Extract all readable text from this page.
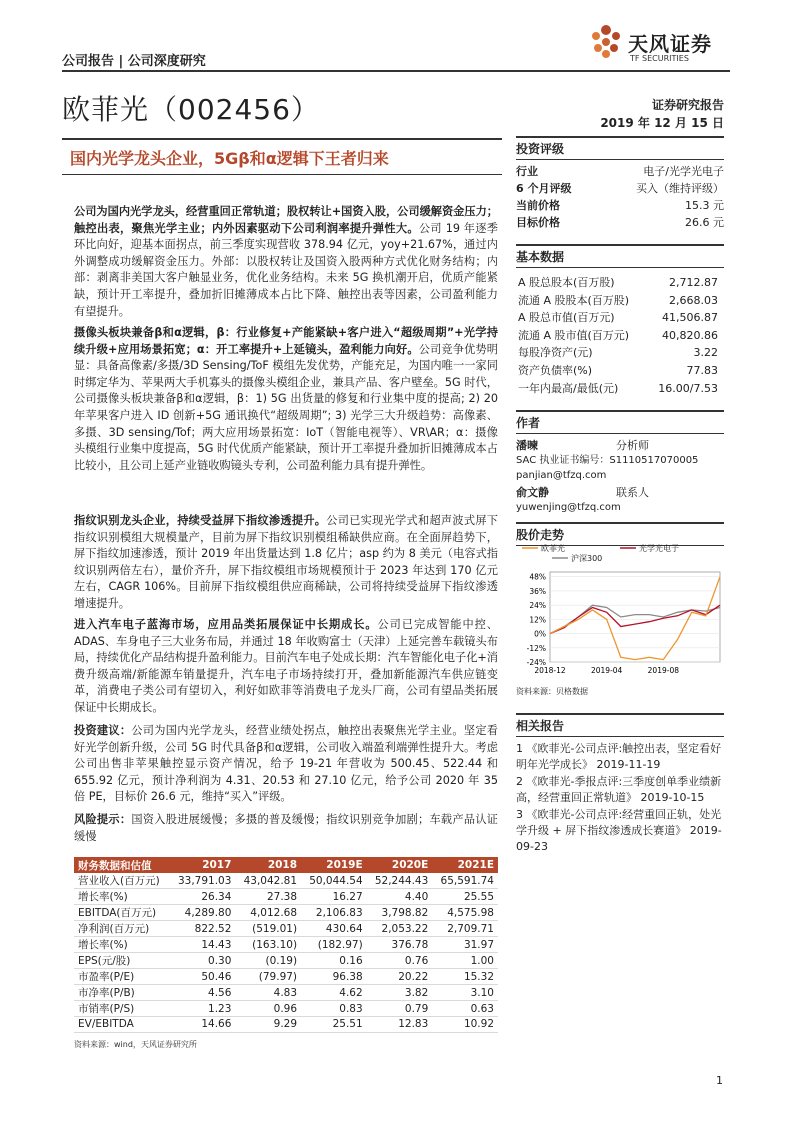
公司报告 | 公司深度研究
天风证券
TF SECURITIES
欧菲光（002456）	证券研究报告
2019 年 12 月 15 日
国内光学龙头企业，5Gβ和α逻辑下王者归来
公司为国内光学龙头，经营重回正常轨道；股权转让+国资入股，公司缓解资金压力；触控出表，聚焦光学主业；内外因素驱动下公司利润率提升弹性大。公司 19 年逐季环比向好，迎基本面拐点，前三季度实现营收 378.94 亿元，yoy+21.67%，通过内外调整成功缓解资金压力。外部：以股权转让及国资入股两种方式优化财务结构；内部：剥离非美国大客户触显业务，优化业务结构。未来 5G 换机潮开启，优质产能紧缺，预计开工率提升，叠加折旧摊薄成本占比下降、触控出表等因素，公司盈利能力有望提升。
摄像头板块兼备β和α逻辑，β：行业修复+产能紧缺+客户进入“超级周期”+光学持续升级+应用场景拓宽；α：开工率提升+上延镜头，盈利能力向好。公司竞争优势明显：具备高像素/多摄/3D Sensing/ToF 模组先发优势，产能充足，为国内唯一一家同时绑定华为、苹果两大手机寡头的摄像头模组企业，兼具产品、客户壁垒。5G 时代，公司摄像头板块兼备β和α逻辑，β：1) 5G 出货量的修复和行业集中度的提高; 2) 20 年苹果客户进入 ID 创新+5G 通讯换代“超级周期”; 3) 光学三大升级趋势：高像素、多摄、3D sensing/Tof；两大应用场景拓宽：IoT（智能电视等）、VR\AR；α：摄像头模组行业集中度提高，5G 时代优质产能紧缺，预计开工率提升叠加折旧摊薄成本占比较小，且公司上延产业链收购镜头专利，公司盈利能力具有提升弹性。
指纹识别龙头企业，持续受益屏下指纹渗透提升。公司已实现光学式和超声波式屏下指纹识别模组大规模量产，目前为屏下指纹识别模组稀缺供应商。在全面屏趋势下，屏下指纹加速渗透，预计 2019 年出货量达到 1.8 亿片；asp 约为 8 美元（电容式指纹识别两倍左右），量价齐升，屏下指纹模组市场规模预计于 2023 年达到 170 亿元左右，CAGR 106%。目前屏下指纹模组供应商稀缺，公司将持续受益屏下指纹渗透增速提升。
进入汽车电子蓝海市场，应用品类拓展保证中长期成长。公司已完成智能中控、ADAS、车身电子三大业务布局，并通过 18 年收购富士（天津）上延完善车载镜头布局，持续优化产品结构提升盈利能力。目前汽车电子处成长期：汽车智能化电子化+消费升级高端/新能源车销量提升，汽车电子市场持续打开，叠加新能源汽车供应链变革，消费电子类公司有望切入，利好如欧菲等消费电子龙头厂商，公司有望品类拓展保证中长期成长。
投资建议：公司为国内光学龙头，经营业绩处拐点，触控出表聚焦光学主业。坚定看好光学创新升级，公司 5G 时代具备β和α逻辑，公司收入端盈利端弹性提升大。考虑公司出售非苹果触控显示资产情况，给予 19-21 年营收为 500.45、522.44 和 655.92 亿元，预计净利润为 4.31、20.53 和 27.10 亿元，给予公司 2020 年 35 倍 PE，目标价 26.6 元，维持“买入”评级。
风险提示：国资入股进展缓慢；多摄的普及缓慢；指纹识别竞争加剧；车载产品认证缓慢
财务数据和估值	2017	2018	2019E	2020E	2021E
营业收入(百万元)	33,791.03	43,042.81	50,044.54	52,244.43	65,591.74
增长率(%)	26.34	27.38	16.27	4.40	25.55
EBITDA(百万元)	4,289.80	4,012.68	2,106.83	3,798.82	4,575.98
净利润(百万元)	822.52	(519.01)	430.64	2,053.22	2,709.71
增长率(%)	14.43	(163.10)	(182.97)	376.78	31.97
EPS(元/股)	0.30	(0.19)	0.16	0.76	1.00
市盈率(P/E)	50.46	(79.97)	96.38	20.22	15.32
市净率(P/B)	4.56	4.83	4.62	3.82	3.10
市销率(P/S)	1.23	0.96	0.83	0.79	0.63
EV/EBITDA	14.66	9.29	25.51	12.83	10.92
资料来源：wind，天风证券研究所
投资评级
行业	电子/光学光电子
6 个月评级	买入（维持评级）
当前价格	15.3 元
目标价格	26.6 元
基本数据
A 股总股本(百万股)	2,712.87
流通 A 股股本(百万股)	2,668.03
A 股总市值(百万元)	41,506.87
流通 A 股市值(百万元)	40,820.86
每股净资产(元)	3.22
资产负债率(%)	77.83
一年内最高/最低(元)	16.00/7.53
作者
潘暕	分析师
SAC 执业证书编号：S1110517070005
panjian@tfzq.com
俞文静	联系人
yuwenjing@tfzq.com
股价走势
欧菲光	光学光电子
沪深300
48%
36%
24%
12%
0%
-12%
-24%
2018-12	2019-04	2019-08
资料来源：贝格数据
相关报告
1 《欧菲光-公司点评:触控出表，坚定看好明年光学成长》 2019-11-19
2 《欧菲光-季报点评:三季度创单季业绩新高，经营重回正常轨道》 2019-10-15
3 《欧菲光-公司点评:经营重回正轨，处光学升级 + 屏下指纹渗透成长赛道》 2019-09-23
1
